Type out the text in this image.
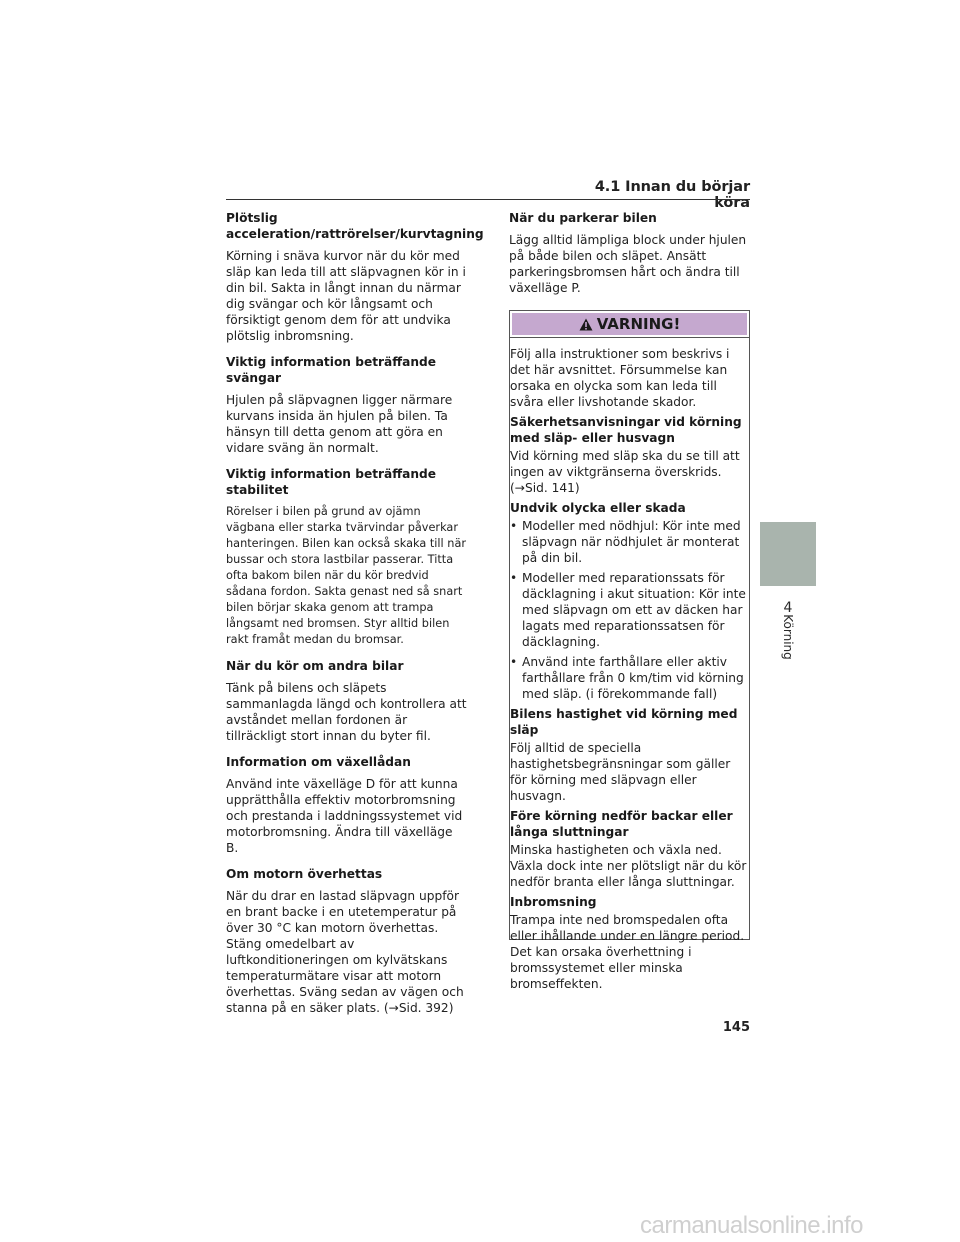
4.1 Innan du börjar köra
Plötslig acceleration/rattrörelser/kurvtagning
Körning i snäva kurvor när du kör med släp kan leda till att släpvagnen kör in i din bil. Sakta in långt innan du närmar dig svängar och kör långsamt och försiktigt genom dem för att undvika plötslig inbromsning.
Viktig information beträffande svängar
Hjulen på släpvagnen ligger närmare kurvans insida än hjulen på bilen. Ta hänsyn till detta genom att göra en vidare sväng än normalt.
Viktig information beträffande stabilitet
Rörelser i bilen på grund av ojämn vägbana eller starka tvärvindar påverkar hanteringen. Bilen kan också skaka till när bussar och stora lastbilar passerar. Titta ofta bakom bilen när du kör bredvid sådana fordon. Sakta genast ned så snart bilen börjar skaka genom att trampa långsamt ned bromsen. Styr alltid bilen rakt framåt medan du bromsar.
När du kör om andra bilar
Tänk på bilens och släpets sammanlagda längd och kontrollera att avståndet mellan fordonen är tillräckligt stort innan du byter fil.
Information om växellådan
Använd inte växelläge D för att kunna upprätthålla effektiv motorbromsning och prestanda i laddningssystemet vid motorbromsning. Ändra till växelläge B.
Om motorn överhettas
När du drar en lastad släpvagn uppför en brant backe i en utetemperatur på över 30 °C kan motorn överhettas. Stäng omedelbart av luftkonditioneringen om kylvätskans temperaturmätare visar att motorn överhettas. Sväng sedan av vägen och stanna på en säker plats. (→Sid. 392)
När du parkerar bilen
Lägg alltid lämpliga block under hjulen på både bilen och släpet. Ansätt parkeringsbromsen hårt och ändra till växelläge P.
VARNING!
Följ alla instruktioner som beskrivs i det här avsnittet. Försummelse kan orsaka en olycka som kan leda till svåra eller livshotande skador.
Säkerhetsanvisningar vid körning med släp- eller husvagn
Vid körning med släp ska du se till att ingen av viktgränserna överskrids. (→Sid. 141)
Undvik olycka eller skada
• Modeller med nödhjul: Kör inte med släpvagn när nödhjulet är monterat på din bil.
• Modeller med reparationssats för däcklagning i akut situation: Kör inte med släpvagn om ett av däcken har lagats med reparationssatsen för däcklagning.
• Använd inte farthållare eller aktiv farthållare från 0 km/tim vid körning med släp. (i förekommande fall)
Bilens hastighet vid körning med släp
Följ alltid de speciella hastighetsbegränsningar som gäller för körning med släpvagn eller husvagn.
Före körning nedför backar eller långa sluttningar
Minska hastigheten och växla ned. Växla dock inte ner plötsligt när du kör nedför branta eller långa sluttningar.
Inbromsning
Trampa inte ned bromspedalen ofta eller ihållande under en längre period. Det kan orsaka överhettning i bromssystemet eller minska bromseffekten.
4
Körning
145
carmanualsonline.info
